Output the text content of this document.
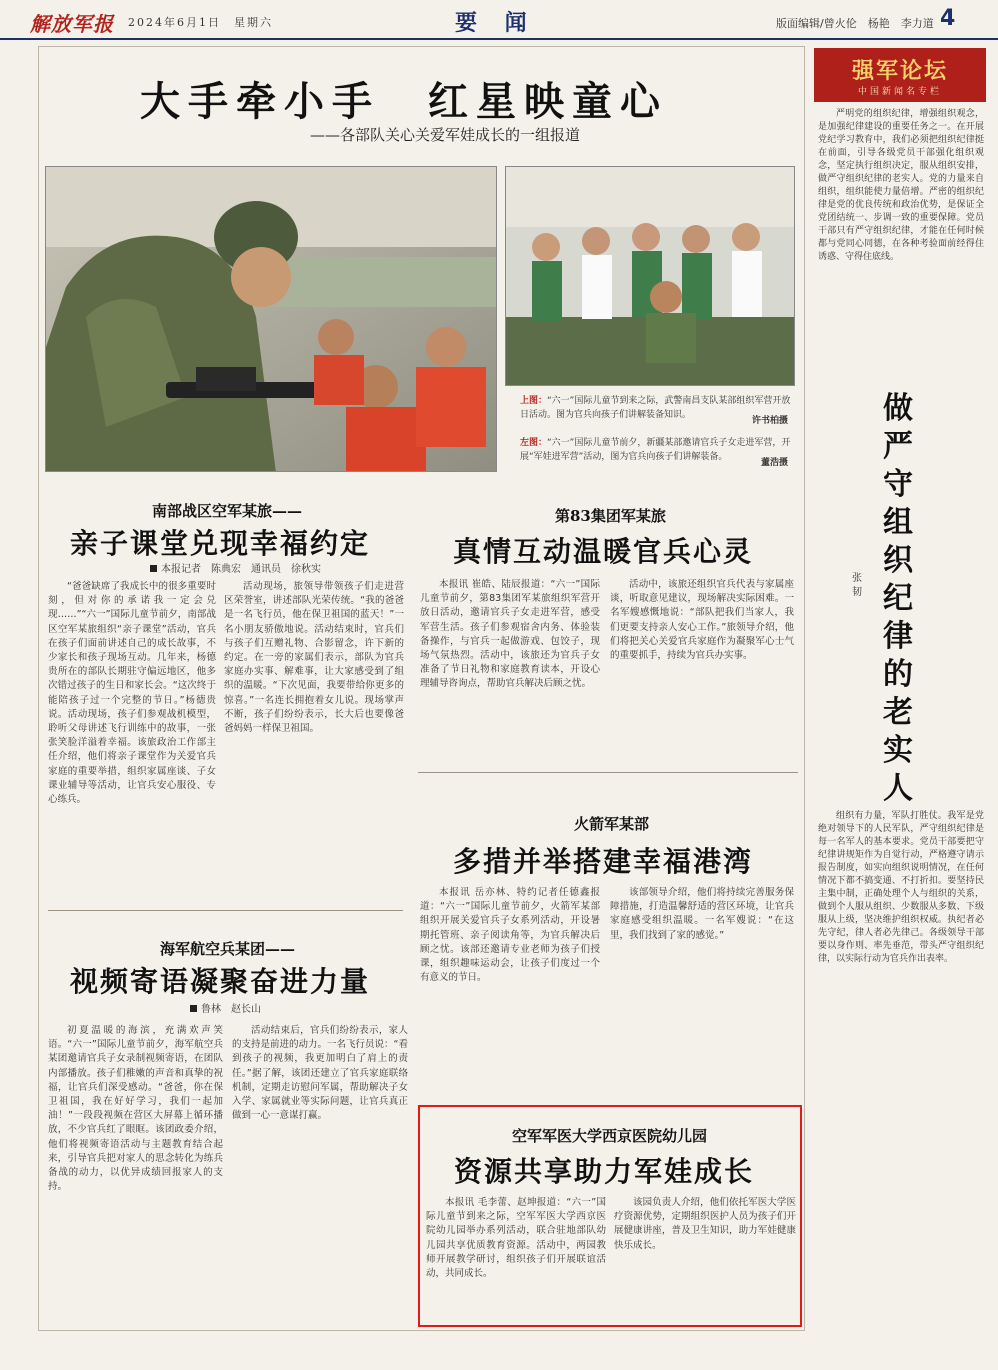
解放军报 2024年6月1日　星期六	要 闻	版面编辑/曾火伦　杨艳　李力道 4
大手牵小手　红星映童心
——各部队关心关爱军娃成长的一组报道
上图：“六一”国际儿童节到来之际，武警南昌支队某部组织军营开放日活动。图为官兵向孩子们讲解装备知识。
许书柏摄
左图：“六一”国际儿童节前夕，新疆某部邀请官兵子女走进军营，开展“军娃进军营”活动，图为官兵向孩子们讲解装备。
董浩摄
南部战区空军某旅——
亲子课堂兑现幸福约定
本报记者　陈典宏　通讯员　徐秋实

“爸爸缺席了我成长中的很多重要时刻，但对你的承诺我一定会兑现……”“六一”国际儿童节前夕，南部战区空军某旅组织“亲子课堂”活动，官兵在孩子们面前讲述自己的成长故事，不少家长和孩子现场互动。几年来，杨德贵所在的部队长期驻守偏远地区，他多次错过孩子的生日和家长会。“这次终于能陪孩子过一个完整的节日。”杨德贵说。活动现场，孩子们参观战机模型，聆听父母讲述飞行训练中的故事，一张张笑脸洋溢着幸福。该旅政治工作部主任介绍，他们将亲子课堂作为关爱官兵家庭的重要举措，组织家属座谈、子女课业辅导等活动，让官兵安心服役、专心练兵。

活动现场，旅领导带领孩子们走进营区荣誉室，讲述部队光荣传统。“我的爸爸是一名飞行员，他在保卫祖国的蓝天！”一名小朋友骄傲地说。活动结束时，官兵们与孩子们互赠礼物、合影留念，许下新的约定。在一旁的家属们表示，部队为官兵家庭办实事、解难事，让大家感受到了组织的温暖。“下次见面，我要带给你更多的惊喜。”一名连长拥抱着女儿说。现场掌声不断，孩子们纷纷表示，长大后也要像爸爸妈妈一样保卫祖国。

第83集团军某旅
真情互动温暖官兵心灵

本报讯 崔皓、陆辰报道：“六一”国际儿童节前夕，第83集团军某旅组织军营开放日活动，邀请官兵子女走进军营，感受军营生活。孩子们参观宿舍内务、体验装备操作，与官兵一起做游戏、包饺子，现场气氛热烈。活动中，该旅还为官兵子女准备了节日礼物和家庭教育读本，开设心理辅导咨询点，帮助官兵解决后顾之忧。

活动中，该旅还组织官兵代表与家属座谈，听取意见建议，现场解决实际困难。一名军嫂感慨地说：“部队把我们当家人，我们更要支持亲人安心工作。”旅领导介绍，他们将把关心关爱官兵家庭作为凝聚军心士气的重要抓手，持续为官兵办实事。

海军航空兵某团——
视频寄语凝聚奋进力量
鲁林　赵长山

初夏温暖的海滨，充满欢声笑语。“六一”国际儿童节前夕，海军航空兵某团邀请官兵子女录制视频寄语，在团队内部播放。孩子们稚嫩的声音和真挚的祝福，让官兵们深受感动。“爸爸，你在保卫祖国，我在好好学习，我们一起加油！”一段段视频在营区大屏幕上循环播放，不少官兵红了眼眶。该团政委介绍，他们将视频寄语活动与主题教育结合起来，引导官兵把对家人的思念转化为练兵备战的动力，以优异成绩回报家人的支持。

活动结束后，官兵们纷纷表示，家人的支持是前进的动力。一名飞行员说：“看到孩子的视频，我更加明白了肩上的责任。”据了解，该团还建立了官兵家庭联络机制，定期走访慰问军属，帮助解决子女入学、家属就业等实际问题，让官兵真正做到一心一意谋打赢。

火箭军某部
多措并举搭建幸福港湾

本报讯 岳亦林、特约记者任德鑫报道：“六一”国际儿童节前夕，火箭军某部组织开展关爱官兵子女系列活动，开设暑期托管班、亲子阅读角等，为官兵解决后顾之忧。该部还邀请专业老师为孩子们授课，组织趣味运动会，让孩子们度过一个有意义的节日。

该部领导介绍，他们将持续完善服务保障措施，打造温馨舒适的营区环境，让官兵家庭感受组织温暖。一名军嫂说：“在这里，我们找到了家的感觉。”

空军军医大学西京医院幼儿园
资源共享助力军娃成长

本报讯 毛李蕾、赵坤报道：“六一”国际儿童节到来之际，空军军医大学西京医院幼儿园举办系列活动，联合驻地部队幼儿园共享优质教育资源。活动中，两园教师开展教学研讨，组织孩子们开展联谊活动，共同成长。

该园负责人介绍，他们依托军医大学医疗资源优势，定期组织医护人员为孩子们开展健康讲座，普及卫生知识，助力军娃健康快乐成长。

强军论坛
中国新闻名专栏

严明党的组织纪律，增强组织观念，是加强纪律建设的重要任务之一。在开展党纪学习教育中，我们必须把组织纪律挺在前面，引导各级党员干部强化组织观念，坚定执行组织决定，服从组织安排，做严守组织纪律的老实人。党的力量来自组织，组织能使力量倍增。严密的组织纪律是党的优良传统和政治优势，是保证全党团结统一、步调一致的重要保障。党员干部只有严守组织纪律，才能在任何时候都与党同心同德，在各种考验面前经得住诱惑、守得住底线。

做严守组织纪律的老实人
张韧

组织有力量，军队打胜仗。我军是党绝对领导下的人民军队，严守组织纪律是每一名军人的基本要求。党员干部要把守纪律讲规矩作为自觉行动，严格遵守请示报告制度，如实向组织说明情况，在任何情况下都不搞变通、不打折扣。要坚持民主集中制，正确处理个人与组织的关系，做到个人服从组织、少数服从多数、下级服从上级，坚决维护组织权威。执纪者必先守纪，律人者必先律己。各级领导干部要以身作则、率先垂范，带头严守组织纪律，以实际行动为官兵作出表率。
